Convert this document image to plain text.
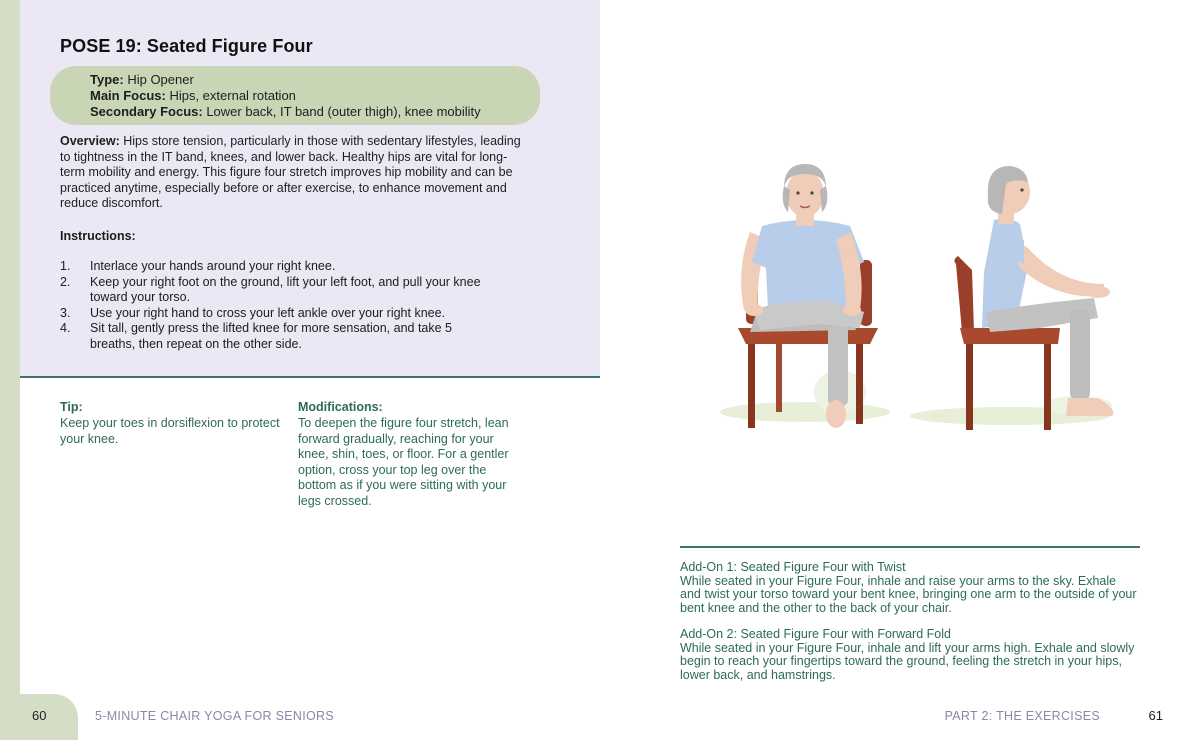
POSE 19: Seated Figure Four
Type: Hip Opener
Main Focus: Hips, external rotation
Secondary Focus: Lower back, IT band (outer thigh), knee mobility

Overview: Hips store tension, particularly in those with sedentary lifestyles, leading to tightness in the IT band, knees, and lower back. Healthy hips are vital for long-term mobility and energy. This figure four stretch improves hip mobility and can be practiced anytime, especially before or after exercise, to enhance movement and reduce discomfort.

Instructions:
1.	Interlace your hands around your right knee.
2.	Keep your right foot on the ground, lift your left foot, and pull your knee toward your torso.
3.	Use your right hand to cross your left ankle over your right knee.
4.	Sit tall, gently press the lifted knee for more sensation, and take 5 breaths, then repeat on the other side.
Tip:

Keep your toes in dorsiflexion to protect your knee.

Modifications:

To deepen the figure four stretch, lean forward gradually, reaching for your knee, shin, toes, or floor. For a gentler option, cross your top leg over the bottom as if you were sitting with your legs crossed.

60	5-MINUTE CHAIR YOGA FOR SENIORS

Add-On 1: Seated Figure Four with Twist
While seated in your Figure Four, inhale and raise your arms to the sky. Exhale and twist your torso toward your bent knee, bringing one arm to the outside of your bent knee and the other to the back of your chair.

Add-On 2: Seated Figure Four with Forward Fold
While seated in your Figure Four, inhale and lift your arms high. Exhale and slowly begin to reach your fingertips toward the ground, feeling the stretch in your hips, lower back, and hamstrings.

PART 2: THE EXERCISES	61
